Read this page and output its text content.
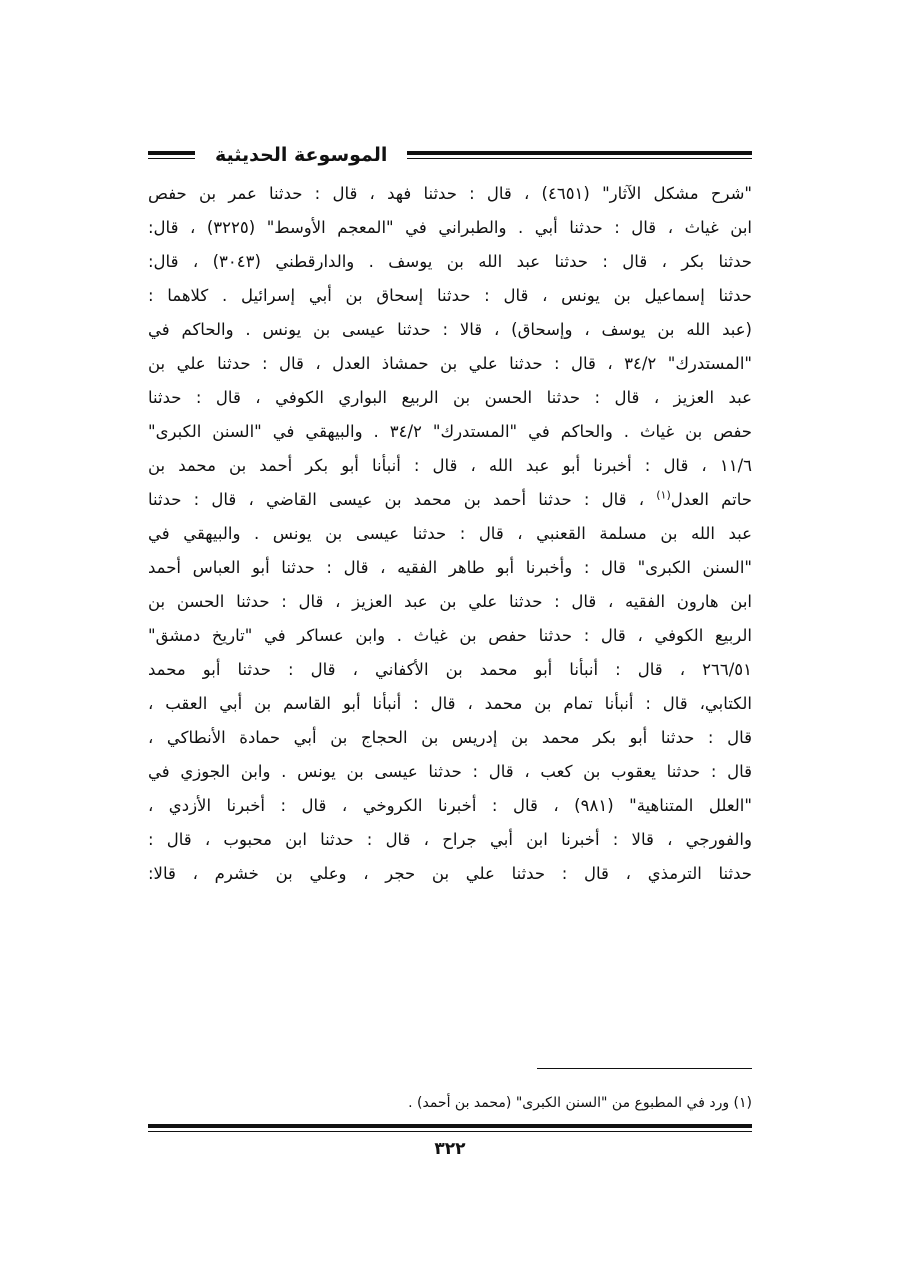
الموسوعة الحديثية
"شرح مشكل الآثار" (٤٦٥١) ، قال : حدثنا فهد ، قال : حدثنا عمر بن حفص
ابن غياث ، قال : حدثنا أبي . والطبراني في "المعجم الأوسط" (٣٢٢٥) ، قال:
حدثنا بكر ، قال : حدثنا عبد الله بن يوسف . والدارقطني (٣٠٤٣) ، قال:
حدثنا إسماعيل بن يونس ، قال : حدثنا إسحاق بن أبي إسرائيل . كلاهما :
(عبد الله بن يوسف ، وإسحاق) ، قالا : حدثنا عيسى بن يونس . والحاكم في
"المستدرك" ٣٤/٢ ، قال : حدثنا علي بن حمشاذ العدل ، قال : حدثنا علي بن
عبد العزيز ، قال : حدثنا الحسن بن الربيع البواري الكوفي ، قال : حدثنا
حفص بن غياث . والحاكم في "المستدرك" ٣٤/٢ . والبيهقي في "السنن الكبرى"
١١/٦ ، قال : أخبرنا أبو عبد الله ، قال : أنبأنا أبو بكر أحمد بن محمد بن
حاتم العدل$^{(١)}$ ، قال : حدثنا أحمد بن محمد بن عيسى القاضي ، قال : حدثنا
عبد الله بن مسلمة القعنبي ، قال : حدثنا عيسى بن يونس . والبيهقي في
"السنن الكبرى" قال : وأخبرنا أبو طاهر الفقيه ، قال : حدثنا أبو العباس أحمد
ابن هارون الفقيه ، قال : حدثنا علي بن عبد العزيز ، قال : حدثنا الحسن بن
الربيع الكوفي ، قال : حدثنا حفص بن غياث . وابن عساكر في "تاريخ دمشق"
٢٦٦/٥١ ، قال : أنبأنا أبو محمد بن الأكفاني ، قال : حدثنا أبو محمد
الكتابي، قال : أنبأنا تمام بن محمد ، قال : أنبأنا أبو القاسم بن أبي العقب ،
قال : حدثنا أبو بكر محمد بن إدريس بن الحجاج بن أبي حمادة الأنطاكي ،
قال : حدثنا يعقوب بن كعب ، قال : حدثنا عيسى بن يونس . وابن الجوزي في
"العلل المتناهية" (٩٨١) ، قال : أخبرنا الكروخي ، قال : أخبرنا الأزدي ،
والفورجي ، قالا : أخبرنا ابن أبي جراح ، قال : حدثنا ابن محبوب ، قال :
حدثنا الترمذي ، قال : حدثنا علي بن حجر ، وعلي بن خشرم ، قالا:
(١) ورد في المطبوع من "السنن الكبرى" (محمد بن أحمد) .
٣٢٢
